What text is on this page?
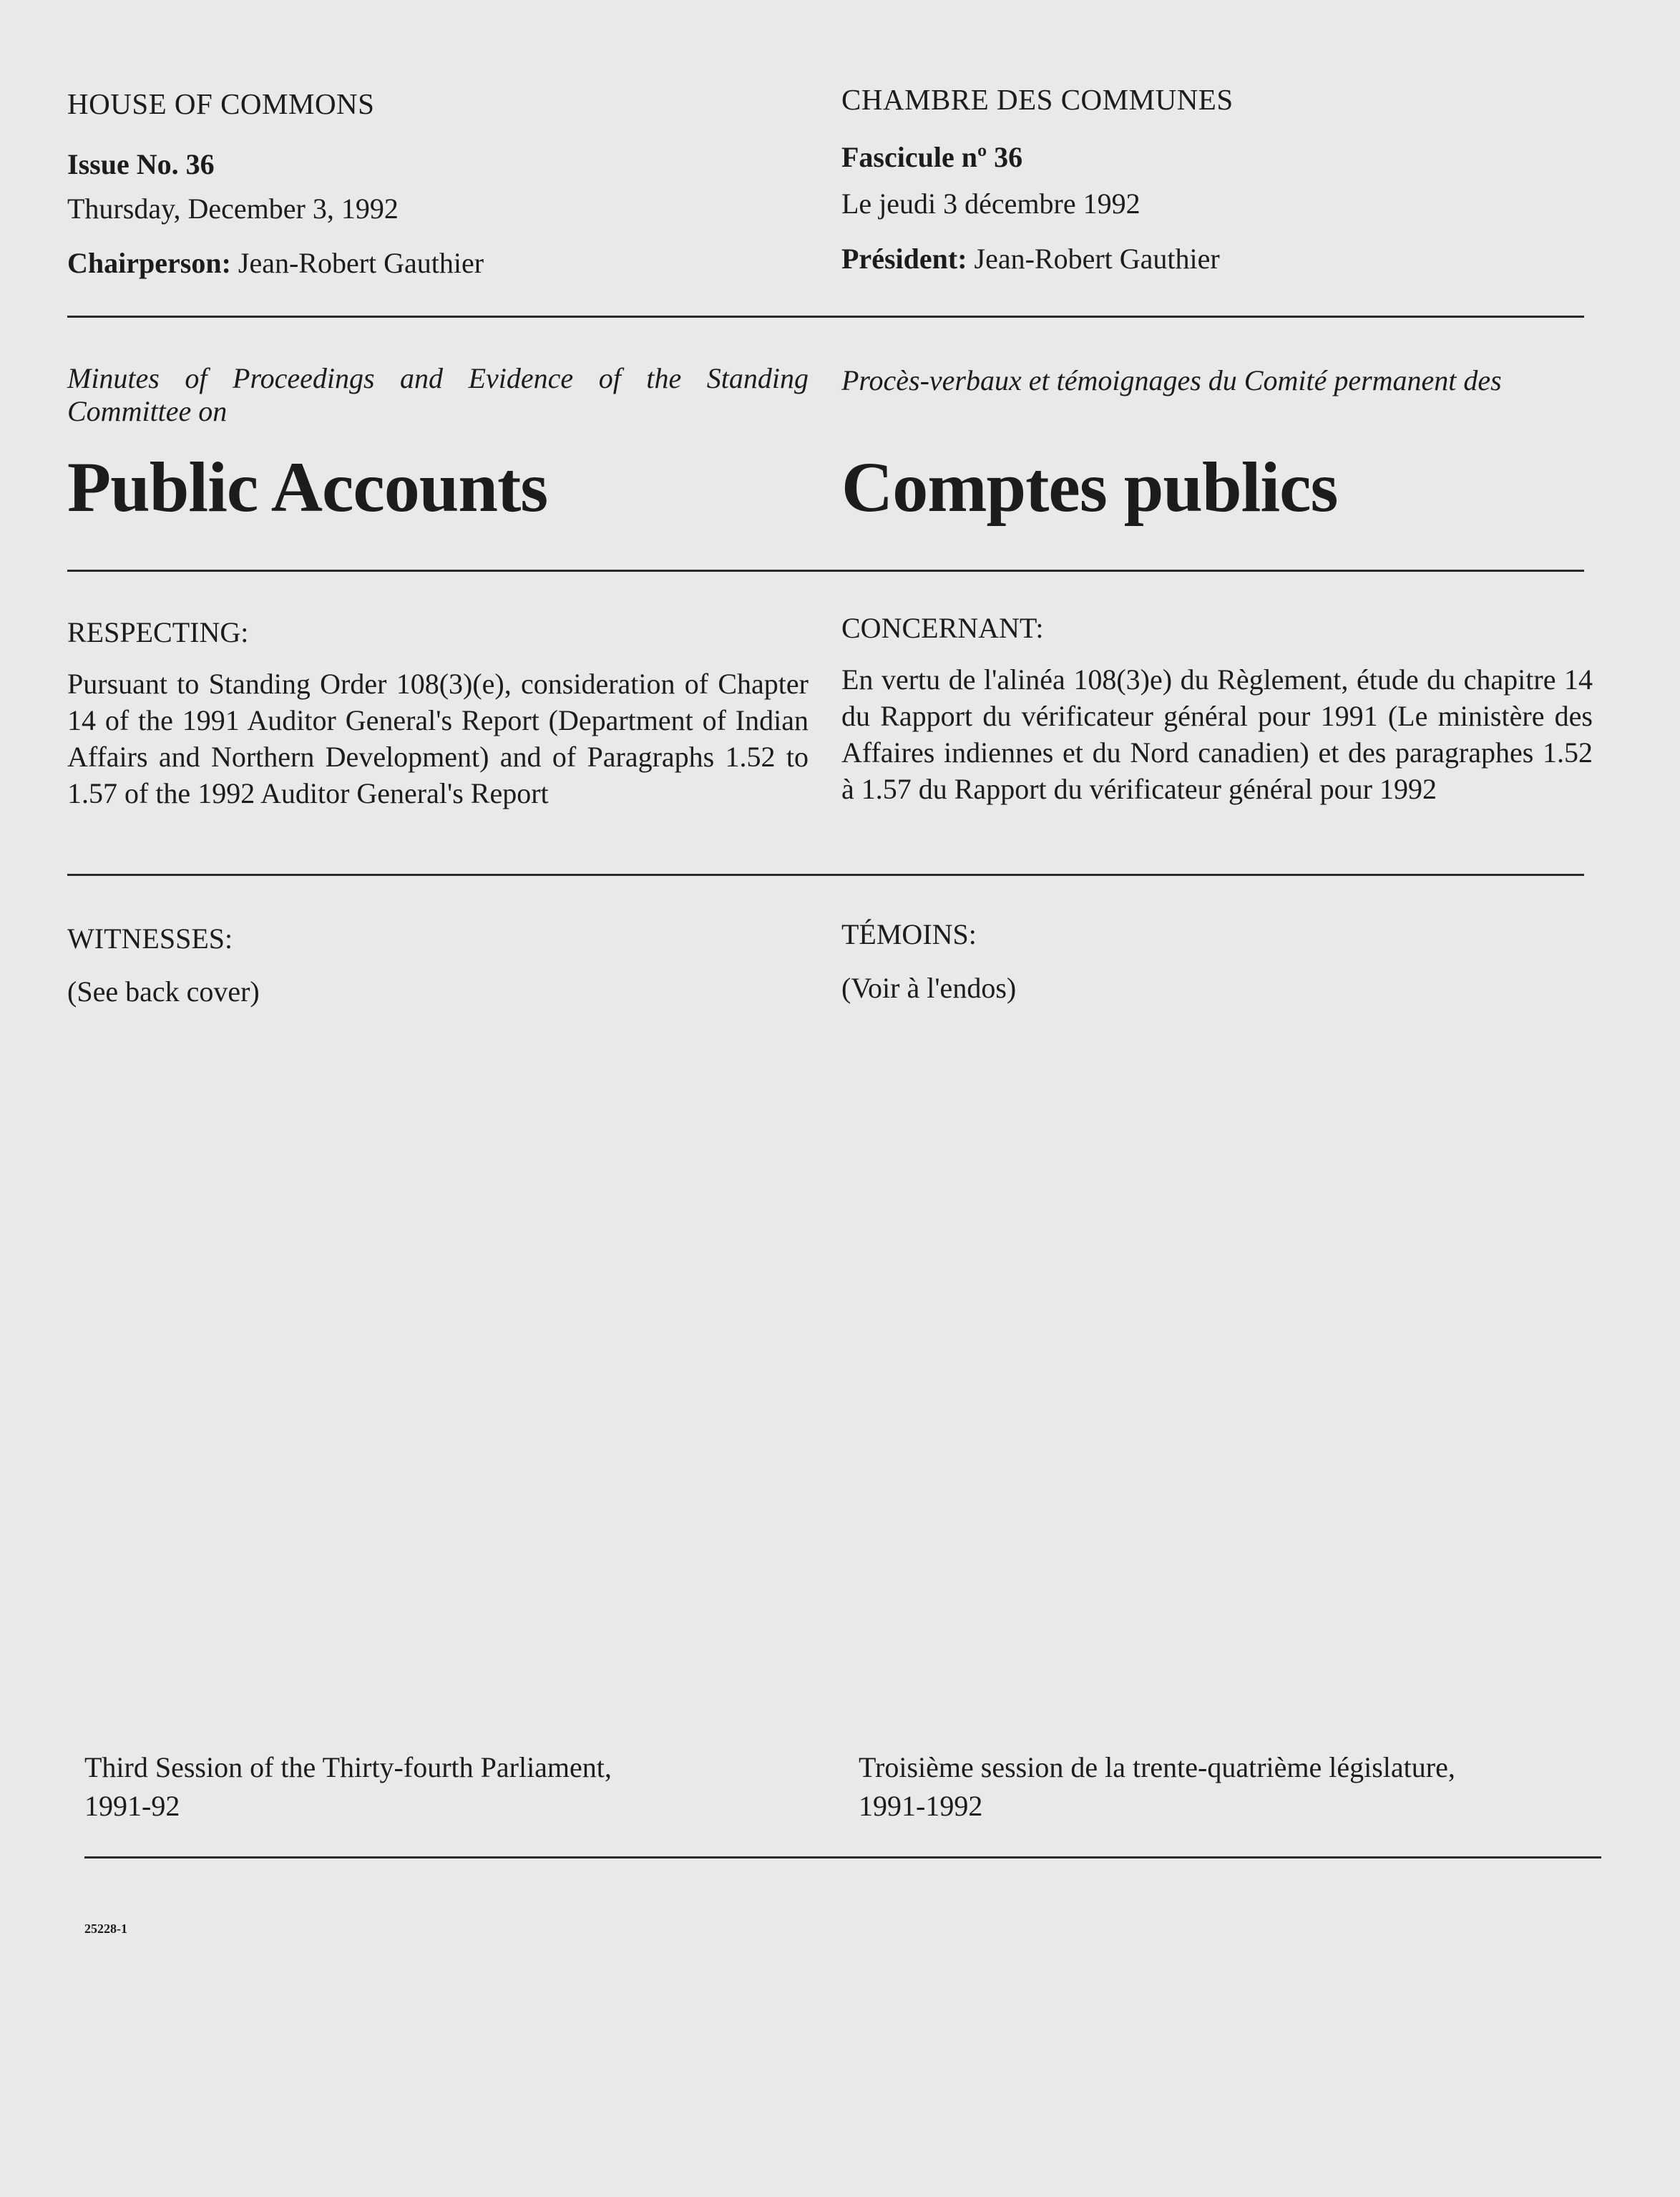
HOUSE OF COMMONS	CHAMBRE DES COMMUNES
Issue No. 36
Thursday, December 3, 1992
Chairperson: Jean-Robert Gauthier
Fascicule nº 36
Le jeudi 3 décembre 1992
Président: Jean-Robert Gauthier
Minutes of Proceedings and Evidence of the Standing Committee on
Public Accounts
Procès-verbaux et témoignages du Comité permanent des
Comptes publics
RESPECTING:
Pursuant to Standing Order 108(3)(e), consideration of Chapter 14 of the 1991 Auditor General's Report (Department of Indian Affairs and Northern Development) and of Paragraphs 1.52 to 1.57 of the 1992 Auditor General's Report
CONCERNANT:
En vertu de l'alinéa 108(3)e) du Règlement, étude du chapitre 14 du Rapport du vérificateur général pour 1991 (Le ministère des Affaires indiennes et du Nord canadien) et des paragraphes 1.52 à 1.57 du Rapport du vérificateur général pour 1992
WITNESSES:
(See back cover)
TÉMOINS:
(Voir à l'endos)
Third Session of the Thirty-fourth Parliament,
1991-92
Troisième session de la trente-quatrième législature,
1991-1992
25228-1
